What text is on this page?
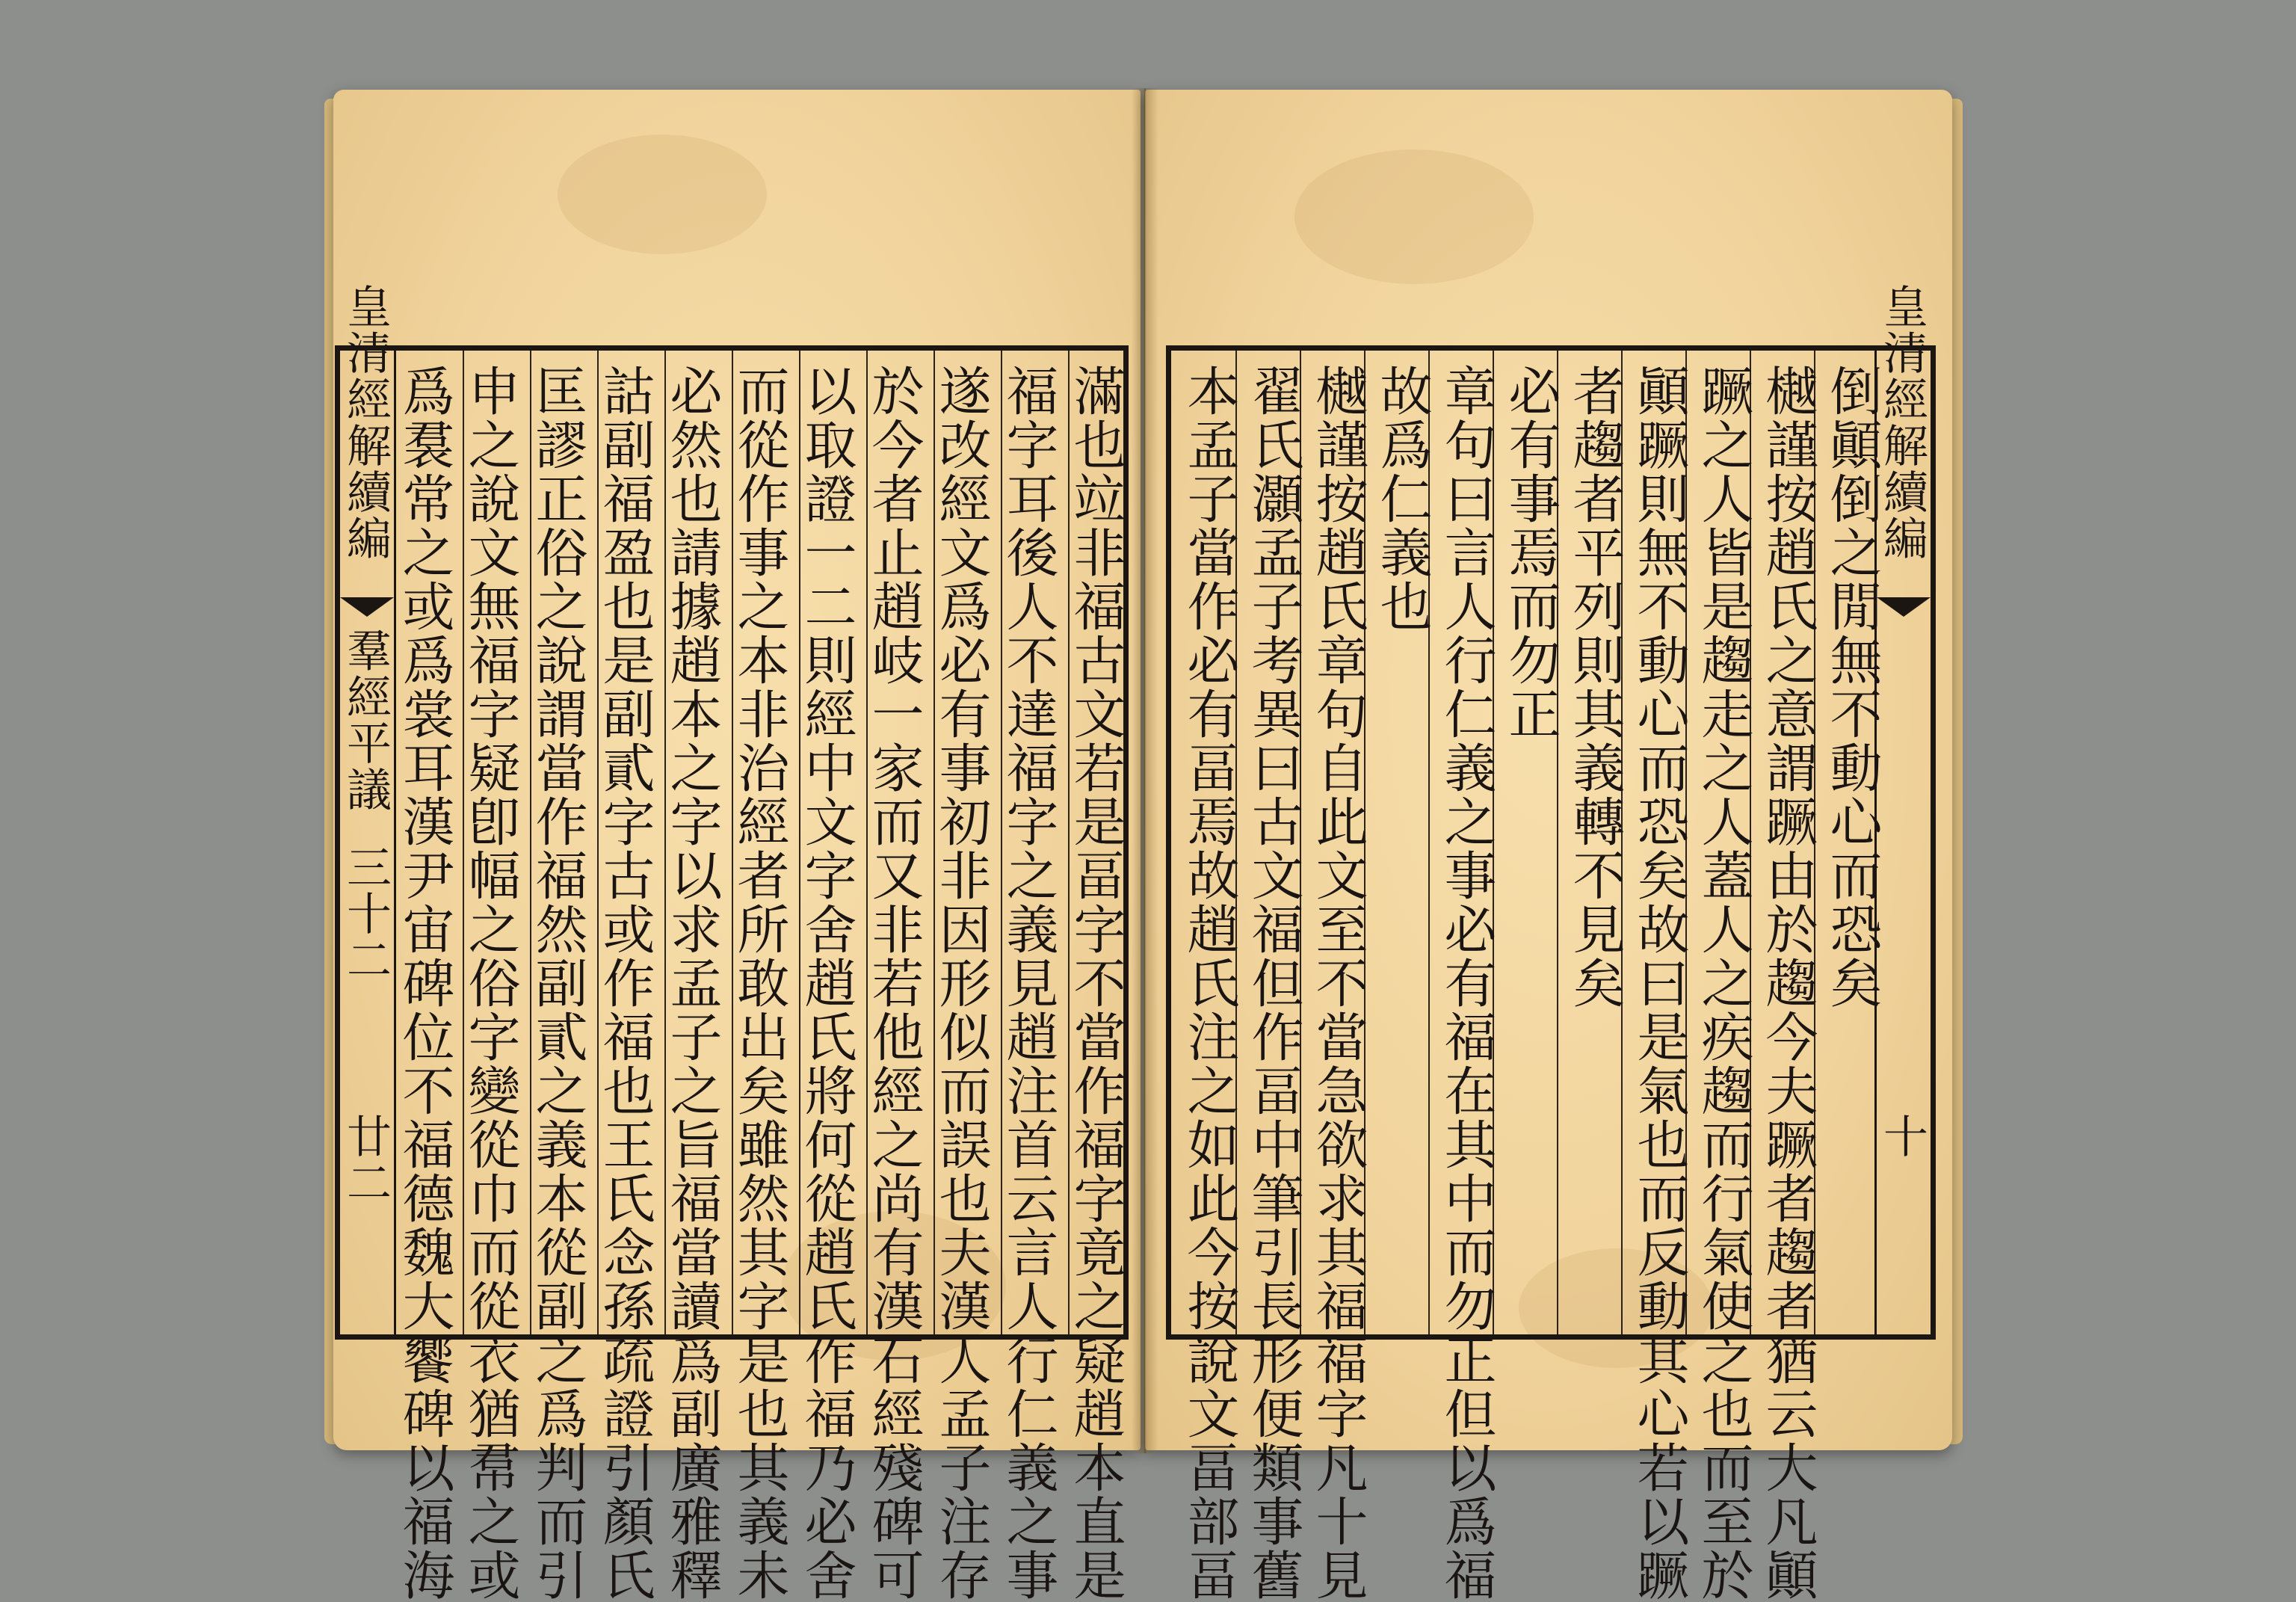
皇清經解續編
羣經平議
三十二
廿二	滿也竝非福古文若是畐字不當作福字竟之疑趙本直是
福字耳後人不達福字之義見趙注首云言人行仁義之事
遂改經文爲必有事初非因形似而誤也夫漢人孟子注存
於今者止趙岐一家而又非若他經之尚有漢石經殘碑可
以取證一二則經中文字舍趙氏將何從趙氏作福乃必舍
而從作事之本非治經者所敢出矣雖然其字是也其義未
必然也請據趙本之字以求孟子之旨福當讀爲副廣雅釋
詁副福盈也是副貳字古或作福也王氏念孫疏證引顏氏
匡謬正俗之說謂當作福然副貳之義本從副之爲判而引
申之說文無福字疑卽幅之俗字變從巾而從衣猶帬之或
爲裠常之或爲裳耳漢尹宙碑位不福德魏大饗碑以福海	皇清經解續編
十
倒顚倒之閒無不動心而恐矣
樾謹按趙氏之意謂蹶由於趨今夫蹶者趨者猶云大凡顚
蹶之人皆是趨走之人蓋人之疾趨而行氣使之也而至於
顚蹶則無不動心而恐矣故曰是氣也而反動其心若以蹶
者趨者平列則其義轉不見矣
必有事焉而勿正
章句曰言人行仁義之事必有福在其中而勿正但以爲福
故爲仁義也
樾謹按趙氏章句自此文至不當急欲求其福福字凡十見
翟氏灝孟子考異曰古文福但作畐中筆引長形便類事舊
本孟子當作必有畐焉故趙氏注之如此今按說文畐部畐
